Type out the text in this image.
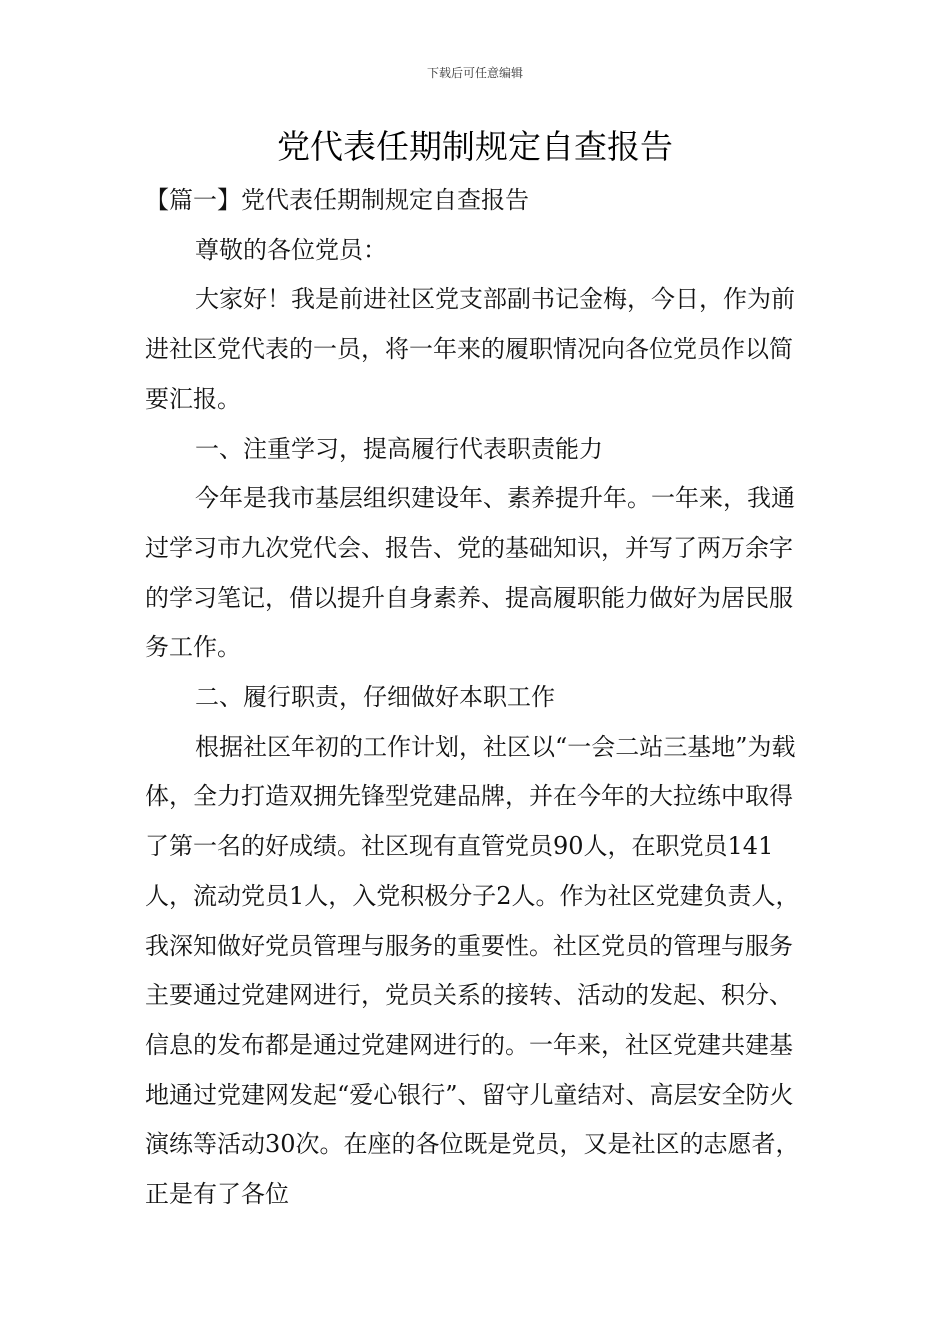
下载后可任意编辑
党代表任期制规定自查报告

【篇一】党代表任期制规定自查报告

尊敬的各位党员：

大家好！我是前进社区党支部副书记金梅，今日，作为前进社区党代表的一员，将一年来的履职情况向各位党员作以简要汇报。

一、注重学习，提高履行代表职责能力

今年是我市基层组织建设年、素养提升年。一年来，我通过学习市九次党代会、报告、党的基础知识，并写了两万余字的学习笔记，借以提升自身素养、提高履职能力做好为居民服务工作。

二、履行职责，仔细做好本职工作

根据社区年初的工作计划，社区以“一会二站三基地”为载体，全力打造双拥先锋型党建品牌，并在今年的大拉练中取得了第一名的好成绩。社区现有直管党员90人，在职党员141人，流动党员1人，入党积极分子2人。作为社区党建负责人，我深知做好党员管理与服务的重要性。社区党员的管理与服务主要通过党建网进行，党员关系的接转、活动的发起、积分、信息的发布都是通过党建网进行的。一年来，社区党建共建基地通过党建网发起“爱心银行”、留守儿童结对、高层安全防火演练等活动30次。在座的各位既是党员，又是社区的志愿者，正是有了各位
